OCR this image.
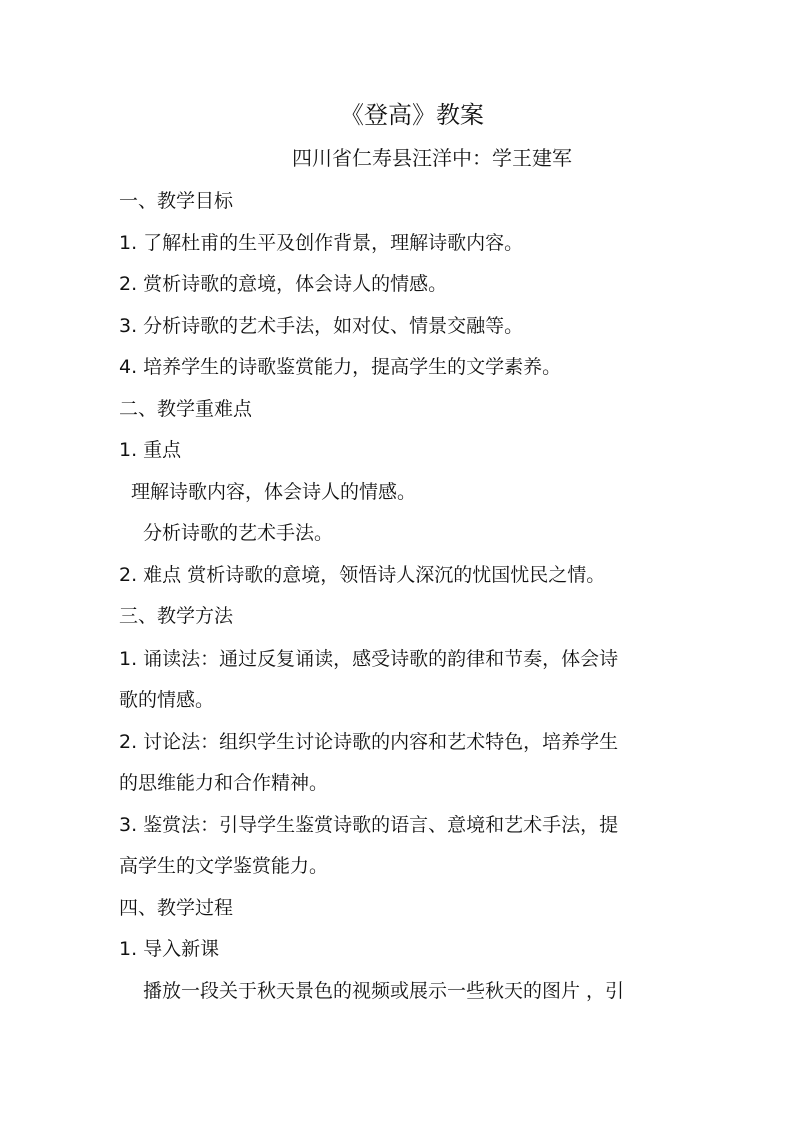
《登高》教案
四川省仁寿县汪洋中：学王建军
一、教学目标
1. 了解杜甫的生平及创作背景，理解诗歌内容。
2. 赏析诗歌的意境，体会诗人的情感。
3. 分析诗歌的艺术手法，如对仗、情景交融等。
4. 培养学生的诗歌鉴赏能力，提高学生的文学素养。
二、教学重难点
1. 重点
理解诗歌内容，体会诗人的情感。
分析诗歌的艺术手法。
2. 难点 赏析诗歌的意境，领悟诗人深沉的忧国忧民之情。
三、教学方法
1. 诵读法：通过反复诵读，感受诗歌的韵律和节奏，体会诗
歌的情感。
2. 讨论法：组织学生讨论诗歌的内容和艺术特色，培养学生
的思维能力和合作精神。
3. 鉴赏法：引导学生鉴赏诗歌的语言、意境和艺术手法，提
高学生的文学鉴赏能力。
四、教学过程
1. 导入新课
播放一段关于秋天景色的视频或展示一些秋天的图片 ，引
